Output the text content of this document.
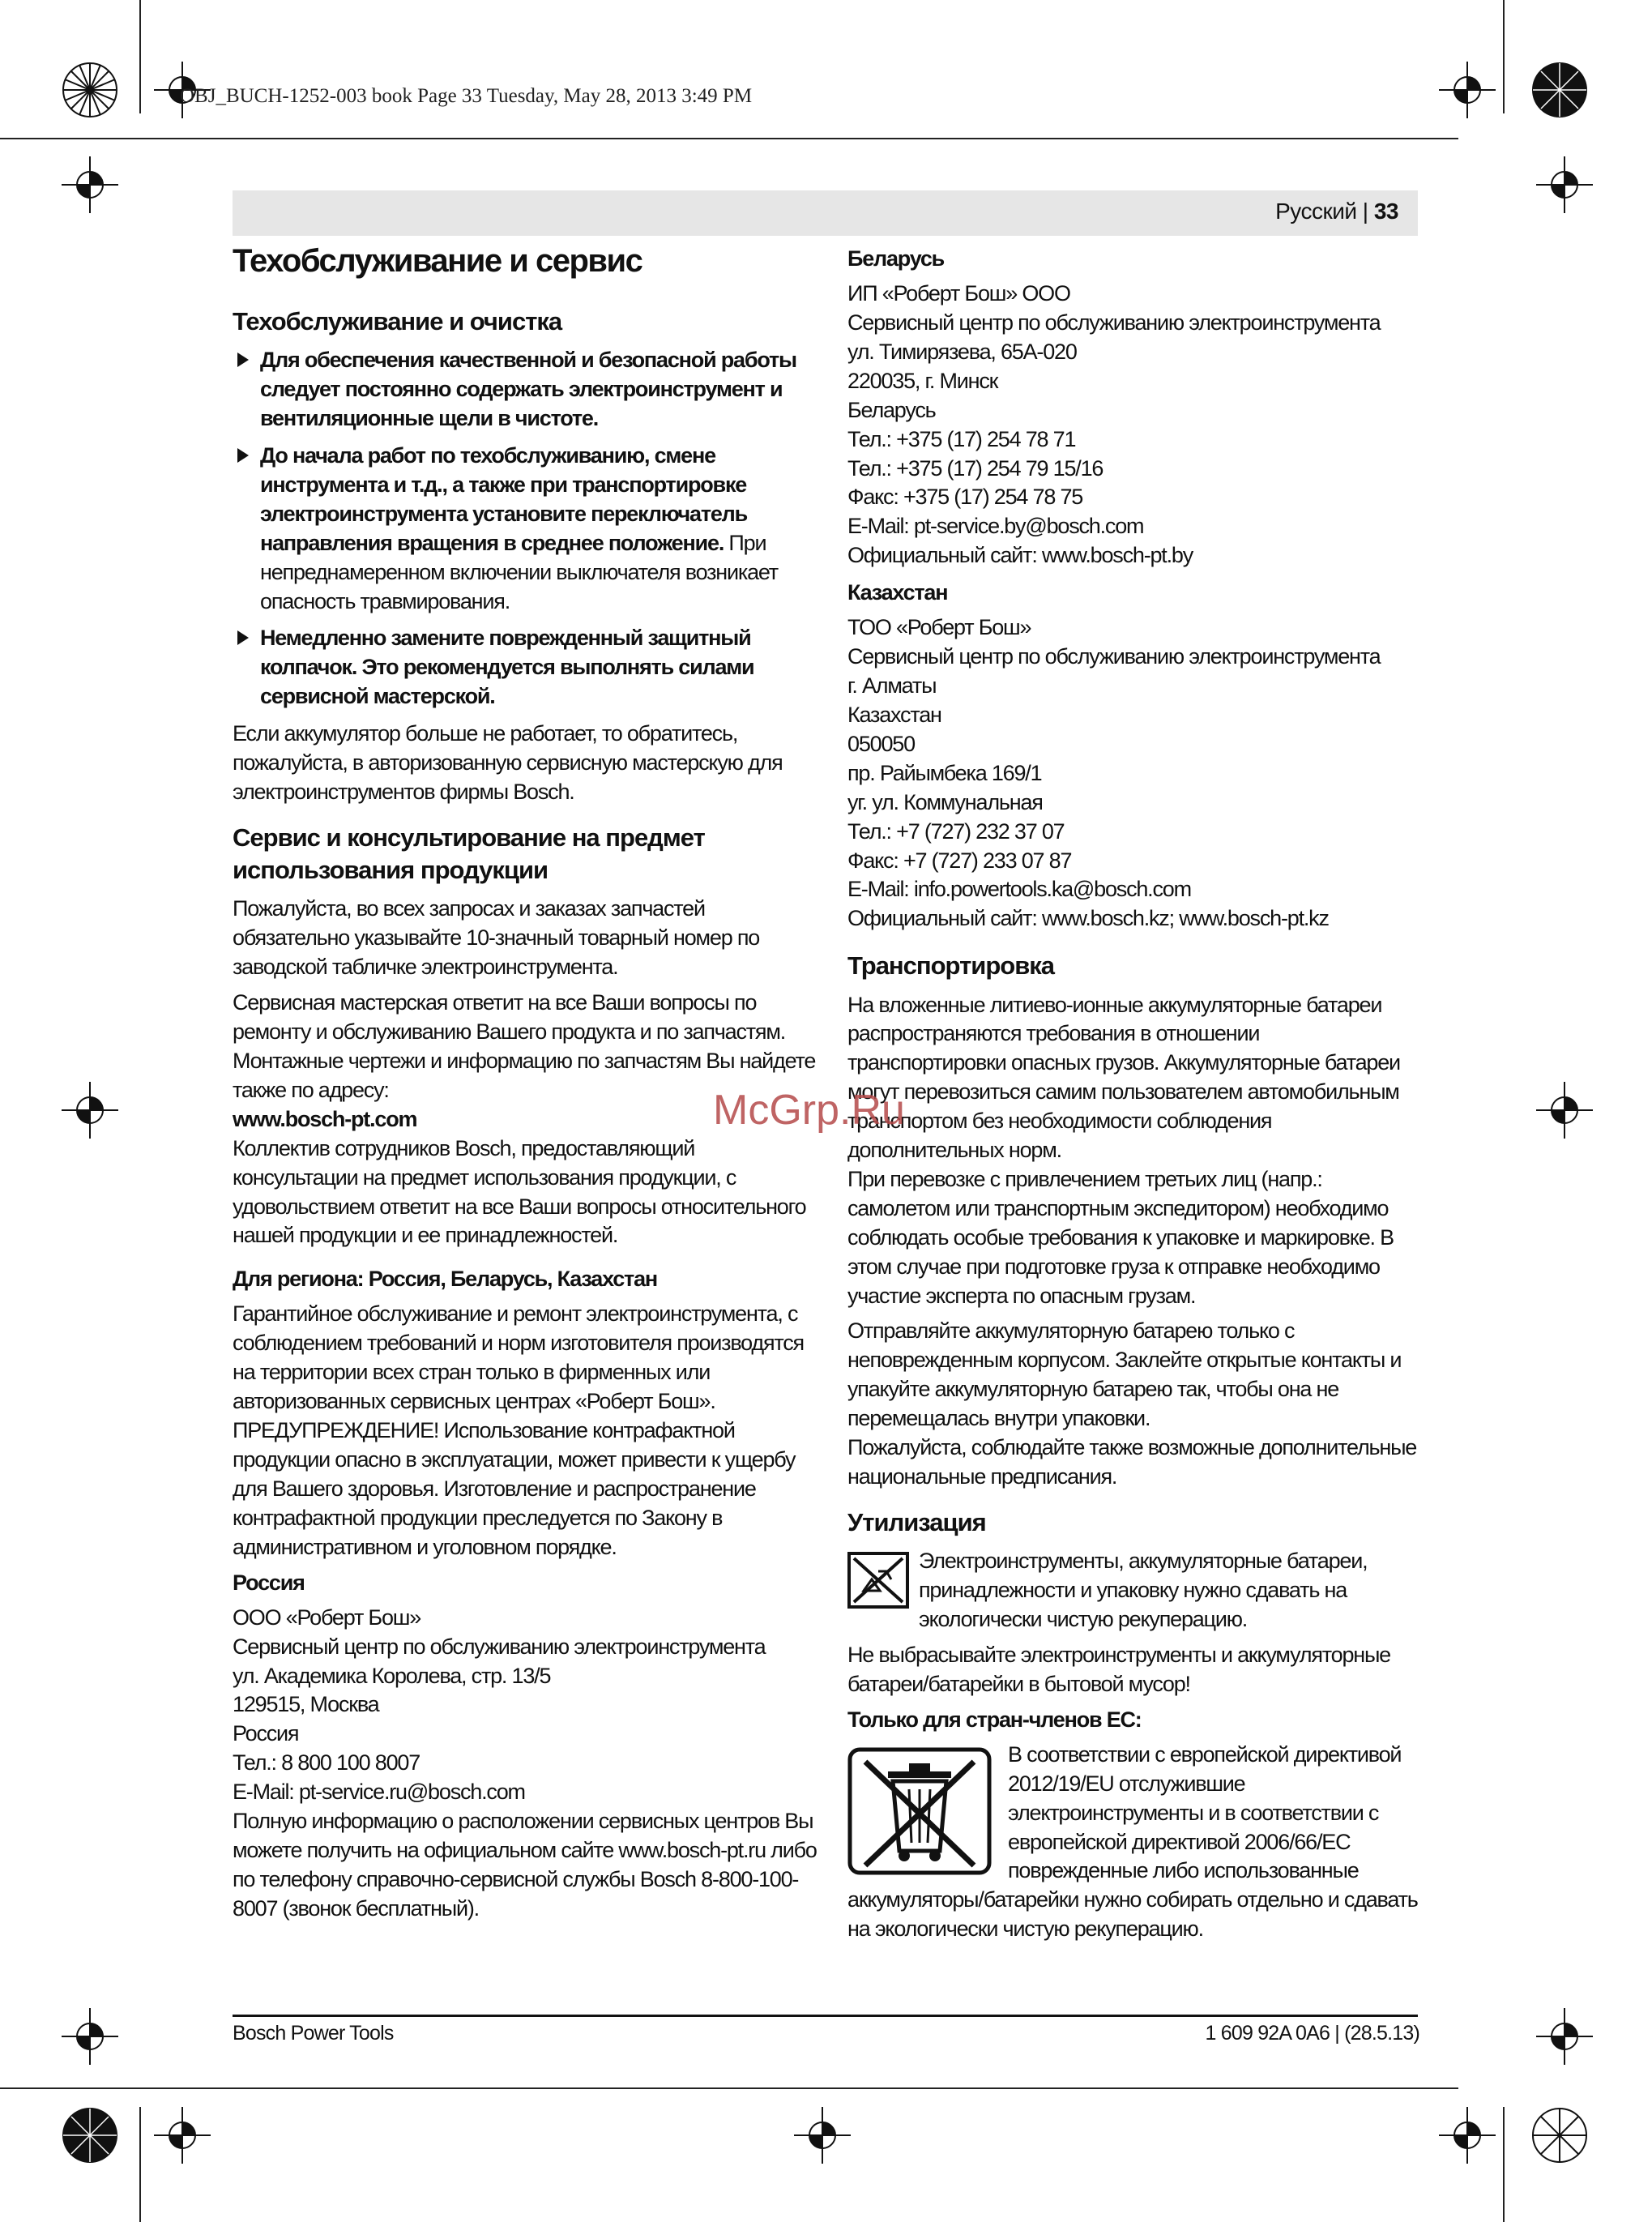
OBJ_BUCH-1252-003 book Page 33 Tuesday, May 28, 2013 3:49 PM
Русский | 33
Техобслуживание и сервис
Техобслуживание и очистка
Для обеспечения качественной и безопасной работы следует постоянно содержать электроинструмент и вентиляционные щели в чистоте.
До начала работ по техобслуживанию, смене инструмента и т.д., а также при транспортировке электроинструмента установите переключатель направления вращения в среднее положение. При непреднамеренном включении выключателя возникает опасность травмирования.
Немедленно замените поврежденный защитный колпачок. Это рекомендуется выполнять силами сервисной мастерской.

Если аккумулятор больше не работает, то обратитесь, пожалуйста, в авторизованную сервисную мастерскую для электроинструментов фирмы Bosch.

Сервис и консультирование на предмет использования продукции

Пожалуйста, во всех запросах и заказах запчастей обязательно указывайте 10-значный товарный номер по заводской табличке электроинструмента.

Сервисная мастерская ответит на все Ваши вопросы по ремонту и обслуживанию Вашего продукта и по запчастям. Монтажные чертежи и информацию по запчастям Вы найдете также по адресу:

www.bosch-pt.com

Коллектив сотрудников Bosch, предоставляющий консультации на предмет использования продукции, с удовольствием ответит на все Ваши вопросы относительного нашей продукции и ее принадлежностей.

Для региона: Россия, Беларусь, Казахстан

Гарантийное обслуживание и ремонт электроинструмента, с соблюдением требований и норм изготовителя производятся на территории всех стран только в фирменных или авторизованных сервисных центрах «Роберт Бош».

ПРЕДУПРЕЖДЕНИЕ! Использование контрафактной продукции опасно в эксплуатации, может привести к ущербу для Вашего здоровья. Изготовление и распространение контрафактной продукции преследуется по Закону в административном и уголовном порядке.

Россия

ООО «Роберт Бош»

Сервисный центр по обслуживанию электроинструмента

ул. Академика Королева, стр. 13/5

129515, Москва

Россия

Тел.: 8 800 100 8007

E-Mail: pt-service.ru@bosch.com

Полную информацию о расположении сервисных центров Вы можете получить на официальном сайте www.bosch-pt.ru либо по телефону справочно-сервисной службы Bosch 8-800-100-8007 (звонок бесплатный).

Беларусь

ИП «Роберт Бош» ООО

Сервисный центр по обслуживанию электроинструмента

ул. Тимирязева, 65А-020

220035, г. Минск

Беларусь

Тел.: +375 (17) 254 78 71

Тел.: +375 (17) 254 79 15/16

Факс: +375 (17) 254 78 75

E-Mail: pt-service.by@bosch.com

Официальный сайт: www.bosch-pt.by

Казахстан

ТОО «Роберт Бош»

Сервисный центр по обслуживанию электроинструмента

г. Алматы

Казахстан

050050

пр. Райымбека 169/1

уг. ул. Коммунальная

Тел.: +7 (727) 232 37 07

Факс: +7 (727) 233 07 87

E-Mail: info.powertools.ka@bosch.com

Официальный сайт: www.bosch.kz; www.bosch-pt.kz

Транспортировка

На вложенные литиево-ионные аккумуляторные батареи распространяются требования в отношении транспортировки опасных грузов. Аккумуляторные батареи могут перевозиться самим пользователем автомобильным транспортом без необходимости соблюдения дополнительных норм.

При перевозке с привлечением третьих лиц (напр.: самолетом или транспортным экспедитором) необходимо соблюдать особые требования к упаковке и маркировке. В этом случае при подготовке груза к отправке необходимо участие эксперта по опасным грузам.

Отправляйте аккумуляторную батарею только с неповрежденным корпусом. Заклейте открытые контакты и упакуйте аккумуляторную батарею так, чтобы она не перемещалась внутри упаковки.

Пожалуйста, соблюдайте также возможные дополнительные национальные предписания.

Утилизация

Электроинструменты, аккумуляторные батареи, принадлежности и упаковку нужно сдавать на экологически чистую рекуперацию.

Не выбрасывайте электроинструменты и аккумуляторные батареи/батарейки в бытовой мусор!

Только для стран-членов ЕС:

В соответствии с европейской директивой 2012/19/EU отслужившие электроинструменты и в соответствии с европейской директивой 2006/66/EC поврежденные либо использованные аккумуляторы/батарейки нужно собирать отдельно и сдавать на экологически чистую рекуперацию.

McGrp.Ru
Bosch Power Tools	1 609 92A 0A6 | (28.5.13)
